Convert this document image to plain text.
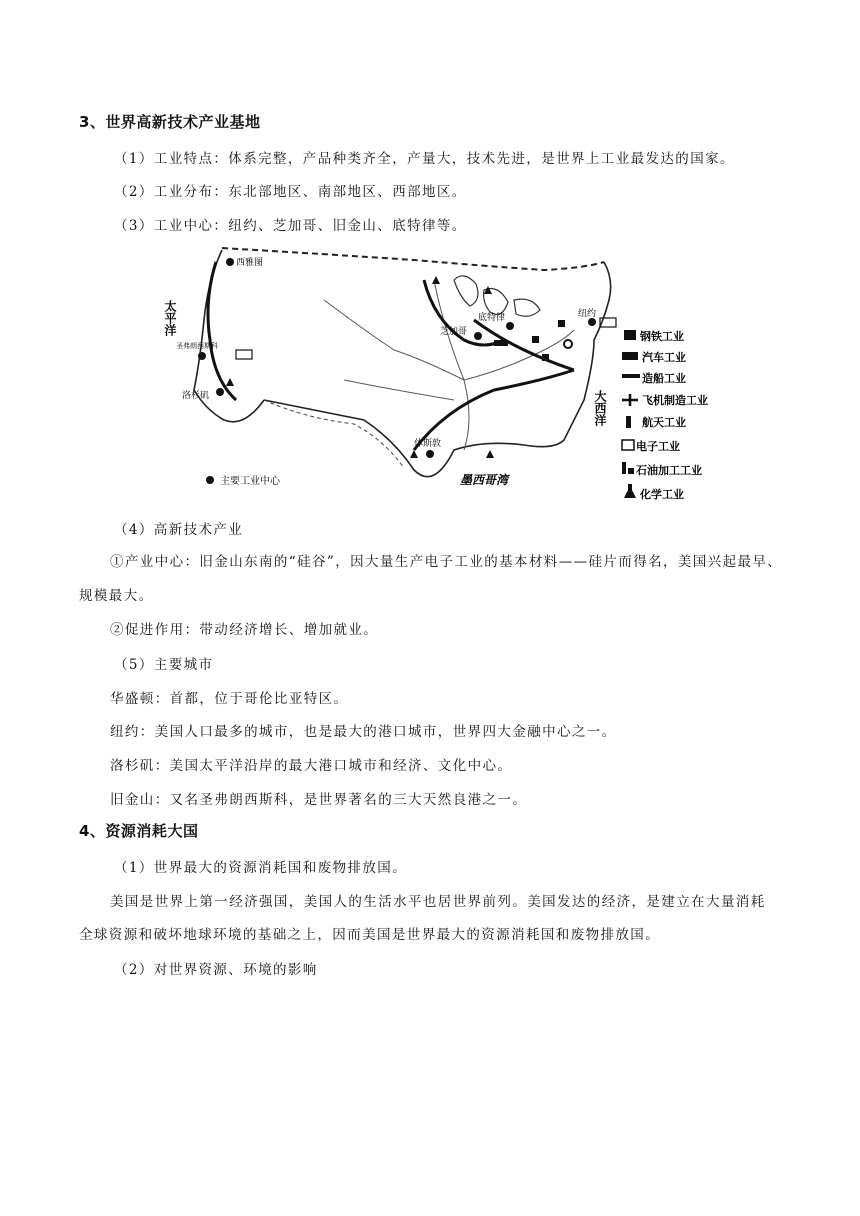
3、世界高新技术产业基地
（1）工业特点：体系完整，产品种类齐全，产量大，技术先进，是世界上工业最发达的国家。
（2）工业分布：东北部地区、南部地区、西部地区。
（3）工业中心：纽约、芝加哥、旧金山、底特律等。
太平洋
大西洋
墨西哥湾
西雅图
圣弗朗西斯科
洛杉矶
芝加哥
底特律	纽约
休斯敦
主要工业中心
钢铁工业
汽车工业
造船工业
飞机制造工业
航天工业
电子工业
石油加工工业
化学工业
（4）高新技术产业
①产业中心：旧金山东南的“硅谷”，因大量生产电子工业的基本材料——硅片而得名，美国兴起最早、
规模最大。
②促进作用：带动经济增长、增加就业。
（5）主要城市
华盛顿：首都，位于哥伦比亚特区。
纽约：美国人口最多的城市，也是最大的港口城市，世界四大金融中心之一。
洛杉矶：美国太平洋沿岸的最大港口城市和经济、文化中心。
旧金山：又名圣弗朗西斯科，是世界著名的三大天然良港之一。
4、资源消耗大国
（1）世界最大的资源消耗国和废物排放国。
美国是世界上第一经济强国，美国人的生活水平也居世界前列。美国发达的经济，是建立在大量消耗
全球资源和破坏地球环境的基础之上，因而美国是世界最大的资源消耗国和废物排放国。
（2）对世界资源、环境的影响
